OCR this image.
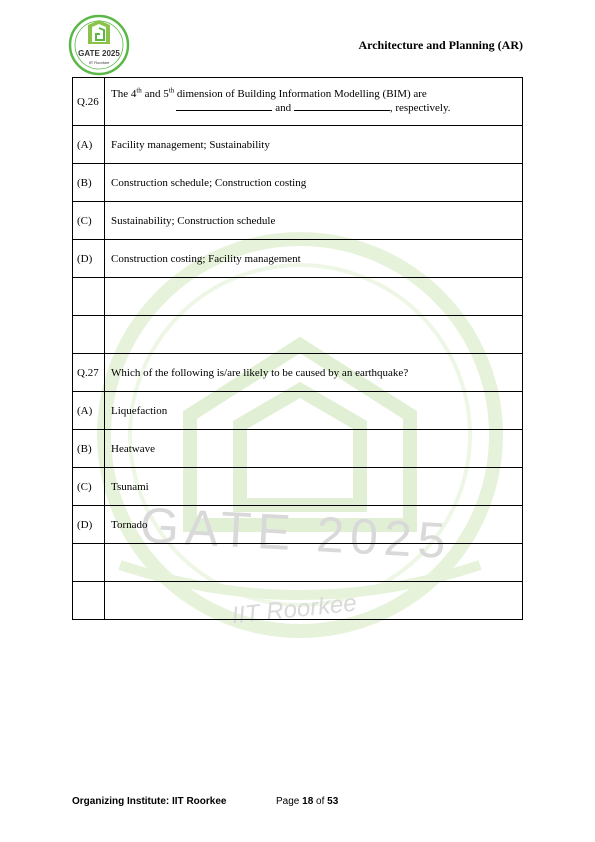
GATE 2025
IIT Roorkee
Architecture and Planning (AR)
GATE 2025
IIT Roorkee
Q.26	The 4th and 5th dimension of Building Information Modelling (BIM) are
and , respectively.

(A)	Facility management; Sustainability
(B)	Construction schedule; Construction costing
(C)	Sustainability; Construction schedule
(D)	Construction costing; Facility management

Q.27	Which of the following is/are likely to be caused by an earthquake?
(A)	Liquefaction
(B)	Heatwave
(C)	Tsunami
(D)	Tornado

Organizing Institute: IIT Roorkee	Page 18 of 53
